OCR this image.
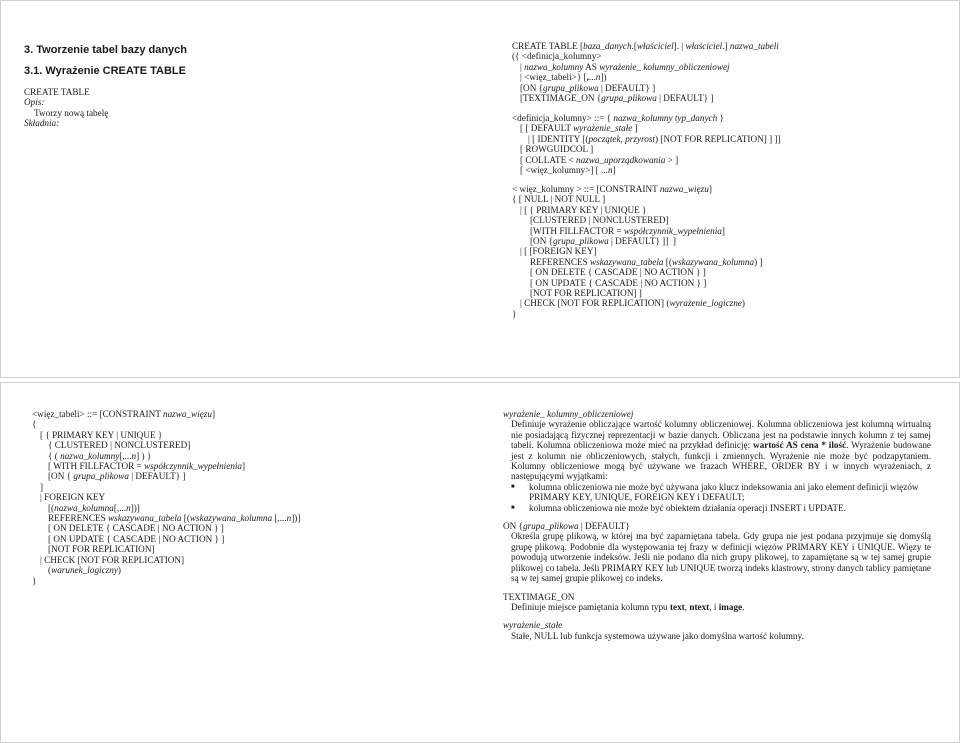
3. Tworzenie tabel bazy danych
3.1. Wyrażenie CREATE TABLE
CREATE TABLE
Opis:
Tworzy nową tabelę
Składnia:
CREATE TABLE [baza_danych.[właściciel]. | właściciel.] nazwa_tabeli
({ <definicja_kolumny>
| nazwa_kolumny AS wyrażenie_ kolumny_obliczeniowej
| <więz_tabeli>} [,...n])
[ON {grupa_plikowa | DEFAULT} ]
[TEXTIMAGE_ON {grupa_plikowa | DEFAULT} ]
<definicja_kolumny> ::= { nazwa_kolumny typ_danych }
[ [ DEFAULT wyrażenie_stałe ]
| [ IDENTITY [(początek, przyrost) [NOT FOR REPLICATION] ] ]]
[ ROWGUIDCOL ]
[ COLLATE < nazwa_uporządkowania > ]
[ <więz_kolumny>] [ ...n]
< więz_kolumny > ::= [CONSTRAINT nazwa_więzu]
{ [ NULL | NOT NULL ]
| [ { PRIMARY KEY | UNIQUE }
[CLUSTERED | NONCLUSTERED]
[WITH FILLFACTOR = współczynnik_wypełnienia]
[ON {grupa_plikowa | DEFAULT} ]]  ]
| [ [FOREIGN KEY]
REFERENCES wskazywana_tabela [(wskazywana_kolumna) ]
[ ON DELETE { CASCADE | NO ACTION } ]
[ ON UPDATE { CASCADE | NO ACTION } ]
[NOT FOR REPLICATION] ]
| CHECK [NOT FOR REPLICATION] (wyrażenie_logiczne)
}
<więz_tabeli> ::= [CONSTRAINT nazwa_więzu]
{
[ { PRIMARY KEY | UNIQUE }
{ CLUSTERED | NONCLUSTERED]
{ ( nazwa_kolumny[,...n] ) }
[ WITH FILLFACTOR = współczynnik_wypełnienia]
[ON { grupa_plikowa | DEFAULT} ]
]
| FOREIGN KEY
[(nazwa_kolumna[,...n])]
REFERENCES wskazywana_tabela [(wskazywana_kolumna [,...n])]
[ ON DELETE { CASCADE | NO ACTION } ]
[ ON UPDATE { CASCADE | NO ACTION } ]
[NOT FOR REPLICATION]
| CHECK [NOT FOR REPLICATION]
(warunek_logiczny)
}
wyrażenie_ kolumny_obliczeniowej
Definiuje wyrażenie obliczające wartość kolumny obliczeniowej. Kolumna obliczeniowa jest kolumną wirtualną nie posiadającą fizycznej reprezentacji w bazie danych. Obliczana jest na podstawie innych kolumn z tej samej tabeli. Kolumna obliczeniowa może mieć na przykład definicję: wartość AS cena * ilość. Wyrażenie budowane jest z kolumn nie obliczeniowych, stałych, funkcji i zmiennych. Wyrażenie nie może być podzapytaniem. Kolumny obliczeniowe mogą być używane we frazach WHERE, ORDER BY i w innych wyrażeniach, z następującymi wyjątkami:
■ kolumna obliczeniowa nie może być używana jako klucz indeksowania ani jako element definicji więzów PRIMARY KEY, UNIQUE, FOREIGN KEY i DEFAULT;
■ kolumna obliczeniowa nie może być obiektem działania operacji INSERT i UPDATE.
ON {grupa_plikowa | DEFAULT}
Określa grupę plikową, w której ma być zapamiętana tabela. Gdy grupa nie jest podana przyjmuje się domyślą grupę plikową. Podobnie dla występowania tej frazy w definicji więzów PRIMARY KEY i UNIQUE. Więzy te powodują utworzenie indeksów. Jeśli nie podano dla nich grupy plikowej, to zapamiętane są w tej samej grupie plikowej co tabela. Jeśli PRIMARY KEY lub UNIQUE tworzą indeks klastrowy, strony danych tablicy pamiętane są w tej samej grupie plikowej co indeks.
TEXTIMAGE_ON
Definiuje miejsce pamiętania kolumn typu text, ntext, i image.
wyrażenie_stałe
Stałe, NULL lub funkcja systemowa używane jako domyślna wartość kolumny.
